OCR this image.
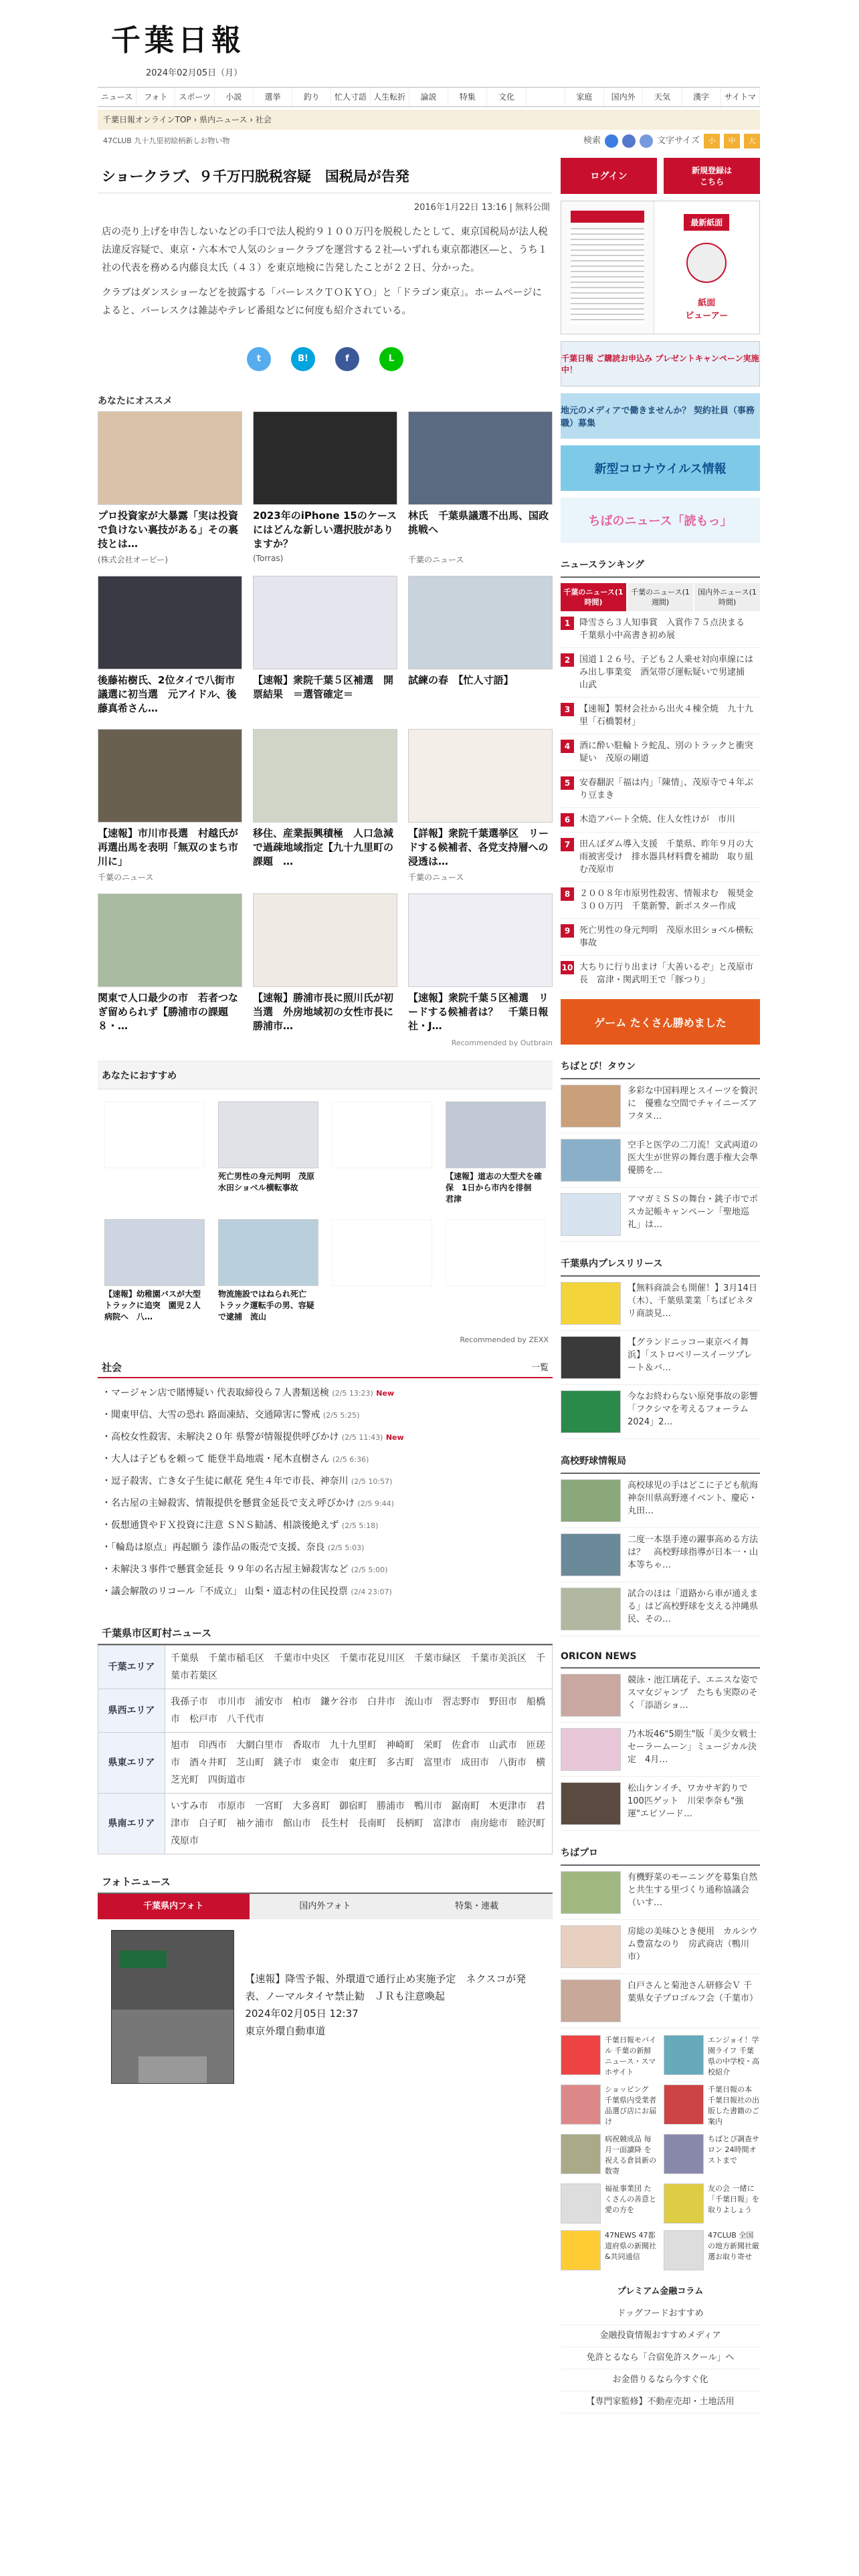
千葉日報
2024年02月05日（月）
ニュース	フォト	スポーツ	小説	選挙	釣り	忙人寸語 人生転折	論説	特集	文化	家庭	国内外	天気	漢字	サイトマ
千葉日報オンラインTOP › 県内ニュース › 社会
47CLUB 九十九里初絵柄新しお物い物	検索	文字サイズ	小	中	大
ショークラブ、９千万円脱税容疑　国税局が告発
2016年1月22日 13:16 | 無料公開

店の売り上げを申告しないなどの手口で法人税約９１００万円を脱税したとして、東京国税局が法人税法違反容疑で、東京・六本木で人気のショークラブを運営する２社―いずれも東京都港区―と、うち１社の代表を務める内藤良太氏（４３）を東京地検に告発したことが２２日、分かった。

クラブはダンスショーなどを披露する「バーレスクＴＯＫＹＯ」と「ドラゴン東京」。ホームページによると、バーレスクは雑誌やテレビ番組などに何度も紹介されている。

t	B!	f	L
あなたにオススメ
プロ投資家が大暴露「実は投資で負けない裏技がある」その裏技とは…
(株式会社オーピー)
2023年のiPhone 15のケースにはどんな新しい選択肢がありますか？
(Torras)
林氏　千葉県議選不出馬、国政挑戦へ
千葉のニュース
後藤祐樹氏、2位タイで八街市議選に初当選　元アイドル、後藤真希さん…
【速報】衆院千葉５区補選　開票結果　＝選管確定＝
試練の春　【忙人寸語】
【速報】市川市長選　村越氏が再選出馬を表明「無双のまち市川に」
千葉のニュース
移住、産業振興積極　人口急減で過疎地域指定【九十九里町の課題　…
【詳報】衆院千葉選挙区　リードする候補者、各党支持層への浸透は…
千葉のニュース
関東で人口最少の市　若者つなぎ留められず【勝浦市の課題　８・…
【速報】勝浦市長に照川氏が初当選　外房地域初の女性市長に　勝浦市…
【速報】衆院千葉５区補選　リードする候補者は？　千葉日報社・J…
Recommended by Outbrain
あなたにおすすめ
死亡男性の身元判明　茂原水田ショベル横転事故
【速報】道志の大型犬を確保　1日から市内を徘徊　君津
【速報】幼稚園バスが大型トラックに追突　園児２人病院へ　八…
物流施設ではねられ死亡　トラック運転手の男、容疑で逮捕　流山
Recommended by ZEXX
社会	一覧
・マージャン店で賭博疑い 代表取締役ら７人書類送検 (2/5 13:23) New
・聞東甲信、大雪の恐れ 路面凍結、交通障害に警戒 (2/5 5:25)
・高校女性殺害、未解決２０年 県警が情報提供呼びかけ (2/5 11:43) New
・大人は子どもを頼って 能登半島地震・尾木直樹さん (2/5 6:36)
・逗子殺害、亡き女子生徒に献花 発生４年で市長、神奈川 (2/5 10:57)
・名古屋の主婦殺害、情報提供を懸賞金延長で支え呼びかけ (2/5 9:44)
・仮想通貨やＦＸ投資に注意 ＳＮＳ勧誘、相談後絶えず (2/5 5:18)
・「輪島は原点」再起願う 漆作品の販売で支援、奈良 (2/5 5:03)
・未解決３事件で懸賞金延長 ９９年の名古屋主婦殺害など (2/5 5:00)
・議会解散のリコール「不成立」 山梨・道志村の住民投票 (2/4 23:07)
千葉県市区町村ニュース
千葉エリア	千葉県　千葉市稲毛区　千葉市中央区　千葉市花見川区　千葉市緑区　千葉市美浜区　千葉市若葉区
県西エリア	我孫子市　市川市　浦安市　柏市　鎌ケ谷市　白井市　流山市　習志野市　野田市　船橋市　松戸市　八千代市
県東エリア	旭市　印西市　大網白里市　香取市　九十九里町　神崎町　栄町　佐倉市　山武市　匝瑳市　酒々井町　芝山町　銚子市　東金市　東庄町　多古町　富里市　成田市　八街市　横芝光町　四街道市
県南エリア	いすみ市　市原市　一宮町　大多喜町　御宿町　勝浦市　鴨川市　鋸南町　木更津市　君津市　白子町　袖ケ浦市　館山市　長生村　長南町　長柄町　富津市　南房総市　睦沢町　茂原市
フォトニュース
千葉県内フォト	国内外フォト	特集・連載
【速報】降雪予報、外環道で通行止め実施予定　ネクスコが発表、ノーマルタイヤ禁止勧　ＪＲも注意喚起
2024年02月05日 12:37
東京外環自動車道
ログイン
新規登録は
こちら
最新紙面
紙面
ビューアー
千葉日報 ご購読お申込み プレゼントキャンペーン実施中！
地元のメディアで働きませんか？ 契約社員（事務職）募集
新型コロナウイルス情報
ちばのニュース「読もっ」
ニュースランキング
千葉のニュース(1時間)
千葉のニュース(1週間)
国内外ニュース(1時間)
1	降雪さら３人知事賞　入賞作７５点決まる　千葉県小中高書き初め展
2	国道１２６号、子ども２人乗せ対向車線にはみ出し事業変　酒気帯び運転疑いで男逮捕　山武
3	【速報】製材会社から出火４棟全焼　九十九里「石橋製材」
4	酒に酔い駐輪トラ蛇乱、別のトラックと衝突疑い　茂原の剛道
5	安春翻訳「福は内」「陳情」、茂原寺で４年ぶり豆まき
6	木造アパート全焼、住人女性けが　市川
7	田んぼダム導入支援　千葉県、昨年９月の大雨被害受け　排水器具材料費を補助　取り組む茂原市
8	２００８年市原男性殺害、情報求む　報奨金３００万円　千葉新警、新ポスター作成
9	死亡男性の身元判明　茂原水田ショベル横転事故
10 大ちりに行り出まけ「大善いるぞ」と茂原市長　富津・関武明王で「豚つり」
ゲーム たくさん勝めました
ちばとぴ！タウン
多彩な中国料理とスイーツを贅沢に　優雅な空間でチャイニーズアフタヌ…
空手と医学の二刀流！文武両道の医大生が世界の舞台選手権大会準優勝を…
アマガミＳＳの舞台・銚子市でポスカ記帳キャンペーン「聖地巡礼」は…
千葉県内プレスリリース
【無料商談会も開催！】3月14日（木）、千葉県業業「ちばビネタリ商談見…
【グランドニッコー東京ベイ舞浜】「ストロベリースイーツプレート＆バ…
今なお終わらない原発事故の影響　「フクシマを考えるフォーラム2024」2…
高校野球情報局
高校球児の手はどこに子ども航海　神奈川県高野連イベント、慶応・丸田…
二度一本塁手連の躍事高める方法は？　高校野球指導が日本一・山本等ちゃ…
試合のほは「道路から車が通えまる」はど高校野球を支える沖縄県民、その…
ORICON NEWS
競泳・池江璃花子、エニスな姿でスマ女ジャンプ　たちも実際のそく「添語ショ…
乃木坂46"5期生"版「美少女戦士セーラームーン」ミュージカル決定　4月…
松山ケンイチ、ワカサギ釣りで100匹ゲット　川栄李奈も"強運"エピソード…
ちばプロ
有機野菜のモーニングを募集自然と共生する里づくり通称協議会（いす…
房総の美味ひとき便用　カルシウム豊富なのり　房武商店（鴨川市）
白戸さんと菊池さん研修会Ｖ 千葉県女子プロゴルフ会（千葉市）
千葉日報モバイル 千葉の新鮮ニュース・スマホサイト
エンジョイ！学園ライフ 千葉県の中学校・高校紹介
ショッピング 千葉県内受業者品選び店にお届け
千葉日報の本 千葉日報社の出版した書籍のご案内
病祝競成品 毎月一面讀降 を祝える倉員新の数寄
ちばとぴ調查サロン 24時間オストまで
福祉事業団 たくさんの善意と愛の方を
友の会 一緒に「千葉日報」を取りよしょう
47NEWS 47都道府県の新聞社&共同通信
47CLUB 全国の地方新聞社厳選お取り寄せ
プレミアム金融コラム
ドッグフードおすすめ
金融投資情報おすすめメディア
免許とるなら「合宿免許スクール」へ
お金借りるなら今すぐ化
【専門家監修】不動産売却・土地活用
